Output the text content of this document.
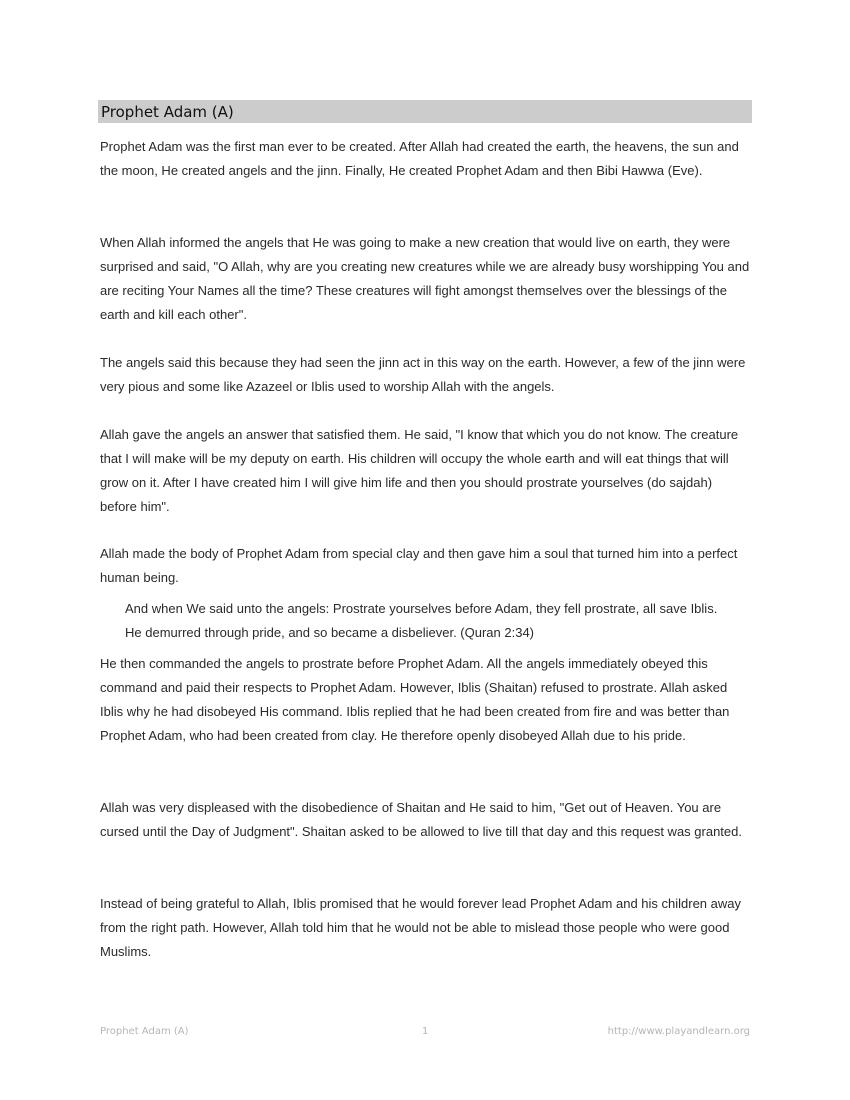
Prophet Adam (A)

Prophet Adam was the first man ever to be created. After Allah had created the earth, the heavens, the sun and the moon, He created angels and the jinn. Finally, He created Prophet Adam and then Bibi Hawwa (Eve).

When Allah informed the angels that He was going to make a new creation that would live on earth, they were surprised and said, "O Allah, why are you creating new creatures while we are already busy worshipping You and are reciting Your Names all the time? These creatures will fight amongst themselves over the blessings of the earth and kill each other".

The angels said this because they had seen the jinn act in this way on the earth. However, a few of the jinn were very pious and some like Azazeel or Iblis used to worship Allah with the angels.

Allah gave the angels an answer that satisfied them. He said, "I know that which you do not know. The creature that I will make will be my deputy on earth. His children will occupy the whole earth and will eat things that will grow on it. After I have created him I will give him life and then you should prostrate yourselves (do sajdah) before him".

Allah made the body of Prophet Adam from special clay and then gave him a soul that turned him into a perfect human being.

And when We said unto the angels: Prostrate yourselves before Adam, they fell prostrate, all save Iblis. He demurred through pride, and so became a disbeliever. (Quran 2:34)

He then commanded the angels to prostrate before Prophet Adam. All the angels immediately obeyed this command and paid their respects to Prophet Adam. However, Iblis (Shaitan) refused to prostrate. Allah asked Iblis why he had disobeyed His command. Iblis replied that he had been created from fire and was better than Prophet Adam, who had been created from clay. He therefore openly disobeyed Allah due to his pride.

Allah was very displeased with the disobedience of Shaitan and He said to him, "Get out of Heaven. You are cursed until the Day of Judgment". Shaitan asked to be allowed to live till that day and this request was granted.

Instead of being grateful to Allah, Iblis promised that he would forever lead Prophet Adam and his children away from the right path. However, Allah told him that he would not be able to mislead those people who were good Muslims.

Prophet Adam (A)	1	http://www.playandlearn.org
